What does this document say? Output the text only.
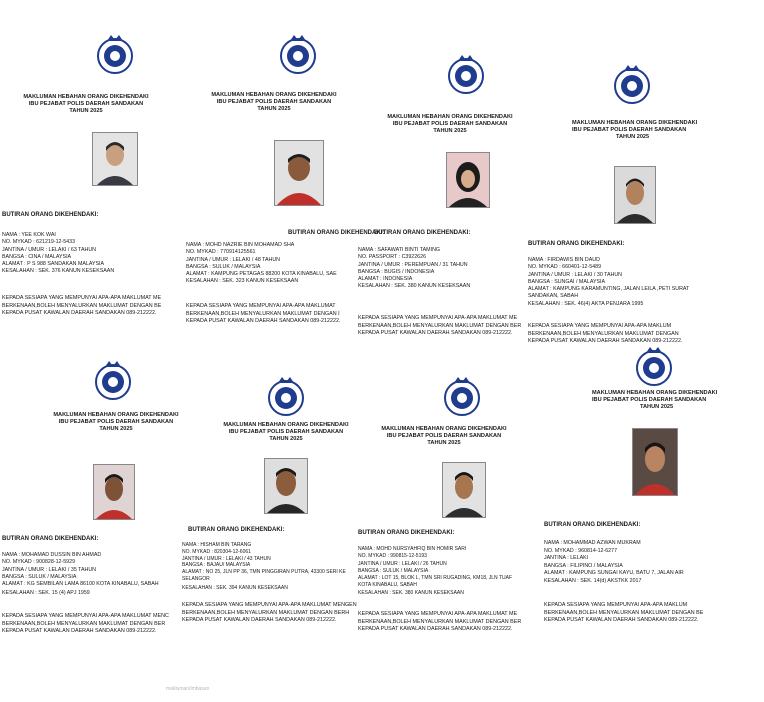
MAKLUMAN HEBAHAN ORANG DIKEHENDAKI
IBU PEJABAT POLIS DAERAH SANDAKAN
TAHUN 2025
BUTIRAN ORANG DIKEHENDAKI:
NAMA : YEE KOK WAI
NO. MYKAD : 621219-12-5433
JANTINA / UMUR : LELAKI / 63 TAHUN
BANGSA : CINA / MALAYSIA
ALAMAT : P S 988 SANDAKAN MALAYSIA
KESALAHAN : SEK. 376 KANUN KESEKSAAN
KEPADA SESIAPA YANG MEMPUNYAI APA-APA MAKLUMAT ME
BERKENAAN,BOLEH MENYALURKAN MAKLUMAT DENGAN BE
KEPADA PUSAT KAWALAN DAERAH SANDAKAN 089-212222.
MAKLUMAN HEBAHAN ORANG DIKEHENDAKI
IBU PEJABAT POLIS DAERAH SANDAKAN
TAHUN 2025
BUTIRAN ORANG DIKEHENDAKI:
NAMA : MOHD NAZRIE BIN MOHAMAD SHA
NO. MYKAD : 770914125561
JANTINA / UMUR : LELAKI / 48 TAHUN
BANGSA : SULUK / MALAYSIA
ALAMAT : KAMPUNG PETAGAS 88200 KOTA KINABALU, SAE
KESALAHAN : SEK. 323 KANUN KESEKSAAN
KEPADA SESIAPA YANG MEMPUNYAI APA-APA MAKLUMAT
BERKENAAN,BOLEH MENYALURKAN MAKLUMAT DENGAN I
KEPADA PUSAT KAWALAN DAERAH SANDAKAN 089-212222.
MAKLUMAN HEBAHAN ORANG DIKEHENDAKI
IBU PEJABAT POLIS DAERAH SANDAKAN
TAHUN 2025
BUTIRAN ORANG DIKEHENDAKI:
NAMA : SAFAWATI BINTI TAMING
NO. PASSPORT : C3922626
JANTINA / UMUR : PEREMPUAN / 31 TAHUN
BANGSA : BUGIS / INDONESIA
ALAMAT : INDONESIA
KESALAHAN : SEK. 380 KANUN KESEKSAAN
KEPADA SESIAPA YANG MEMPUNYAI APA-APA MAKLUMAT ME
BERKENAAN,BOLEH MENYALURKAN MAKLUMAT DENGAN BER
KEPADA PUSAT KAWALAN DAERAH SANDAKAN 089-212222.
MAKLUMAN HEBAHAN ORANG DIKEHENDAKI
IBU PEJABAT POLIS DAERAH SANDAKAN
TAHUN 2025
BUTIRAN ORANG DIKEHENDAKI:
NAMA : FIRDAWIS BIN DAUD
NO. MYKAD : 660401-12-5489
JANTINA / UMUR : LELAKI / 30 TAHUN
BANGSA : SUNGAI / MALAYSIA
ALAMAT : KAMPUNG KARAMUNTING, JALAN LEILA ,PETI SURAT
SANDAKAN, SABAH
KESALAHAN : SEK. 46(4) AKTA PENJARA 1995
KEPADA SESIAPA YANG MEMPUNYAI APA-APA MAKLUM
BERKENAAN,BOLEH MENYALURKAN MAKLUMAT DENGAN
KEPADA PUSAT KAWALAN DAERAH SANDAKAN 089-212222.
MAKLUMAN HEBAHAN ORANG DIKEHENDAKI
IBU PEJABAT POLIS DAERAH SANDAKAN
TAHUN 2025
BUTIRAN ORANG DIKEHENDAKI:
NAMA : MOHAMAD DUSSIN BIN AHMAD
NO. MYKAD : 900828-12-5929
JANTINA / UMUR : LELAKI / 35 TAHUN
BANGSA : SULUK / MALAYSIA
ALAMAT : KG SEMBILAN LAMA 86100 KOTA KINABALU, SABAH
KESALAHAN : SEK. 15 (4) APJ 1959
KEPADA SESIAPA YANG MEMPUNYAI APA-APA MAKLUMAT MENC
BERKENAAN,BOLEH MENYALURKAN MAKLUMAT DENGAN BER
KEPADA PUSAT KAWALAN DAERAH SANDAKAN 089-212222.
MAKLUMAN HEBAHAN ORANG DIKEHENDAKI
IBU PEJABAT POLIS DAERAH SANDAKAN
TAHUN 2025
BUTIRAN ORANG DIKEHENDAKI:
NAMA : HISHAM BIN TARANG
NO. MYKAD : 820304-12-6061
JANTINA / UMUR : LELAKI / 43 TAHUN
BANGSA : BAJAU/ MALAYSIA
ALAMAT : NO 25, JLN PP 36, TMN PINGGIRAN PUTRA, 43300 SERI KE
SELANGOR
KESALAHAN : SEK. 394 KANUN KESEKSAAN
KEPADA SESIAPA YANG MEMPUNYAI APA-APA MAKLUMAT MENGEN
BERKENAAN,BOLEH MENYALURKAN MAKLUMAT DENGAN BERH
KEPADA PUSAT KAWALAN DAERAH SANDAKAN 089-212222.
MAKLUMAN HEBAHAN ORANG DIKEHENDAKI
IBU PEJABAT POLIS DAERAH SANDAKAN
TAHUN 2025
BUTIRAN ORANG DIKEHENDAKI:
NAMA : MOHD NURSYAHFIQ BIN HOMIR SARI
NO. MYKAD : 990815-12-5193
JANTINA / UMUR : LELAKI / 26 TAHUN
BANGSA : SULUK / MALAYSIA
ALAMAT : LOT 15, BLOK L, TMN SRI RUGADING, KM18, JLN TUAF
KOTA KINABALU, SABAH
KESALAHAN : SEK. 380 KANUN KESEKSAAN
KEPADA SESIAPA YANG MEMPUNYAI APA-APA MAKLUMAT ME
BERKENAAN,BOLEH MENYALURKAN MAKLUMAT DENGAN BER
KEPADA PUSAT KAWALAN DAERAH SANDAKAN 089-212222.
MAKLUMAN HEBAHAN ORANG DIKEHENDAKI
IBU PEJABAT POLIS DAERAH SANDAKAN
TAHUN 2025
BUTIRAN ORANG DIKEHENDAKI:
NAMA : MOHAMMAD AZWAN MUKRAM
NO. MYKAD : 960814-12-6277
JANTINA : LELAKI
BANGSA : FILIPINO / MALAYSIA
ALAMAT : KAMPUNG SUNGAI KAYU, BATU 7, JALAN AIR
KESALAHAN : SEK. 14(d) AKSTKK 2017
KEPADA SESIAPA YANG MEMPUNYAI APA-APA MAKLUM
BERKENAAN,BOLEH MENYALURKAN MAKLUMAT DENGAN BE
KEPADA PUSAT KAWALAN DAERAH SANDAKAN 089-212222.
makluman/imbasan
